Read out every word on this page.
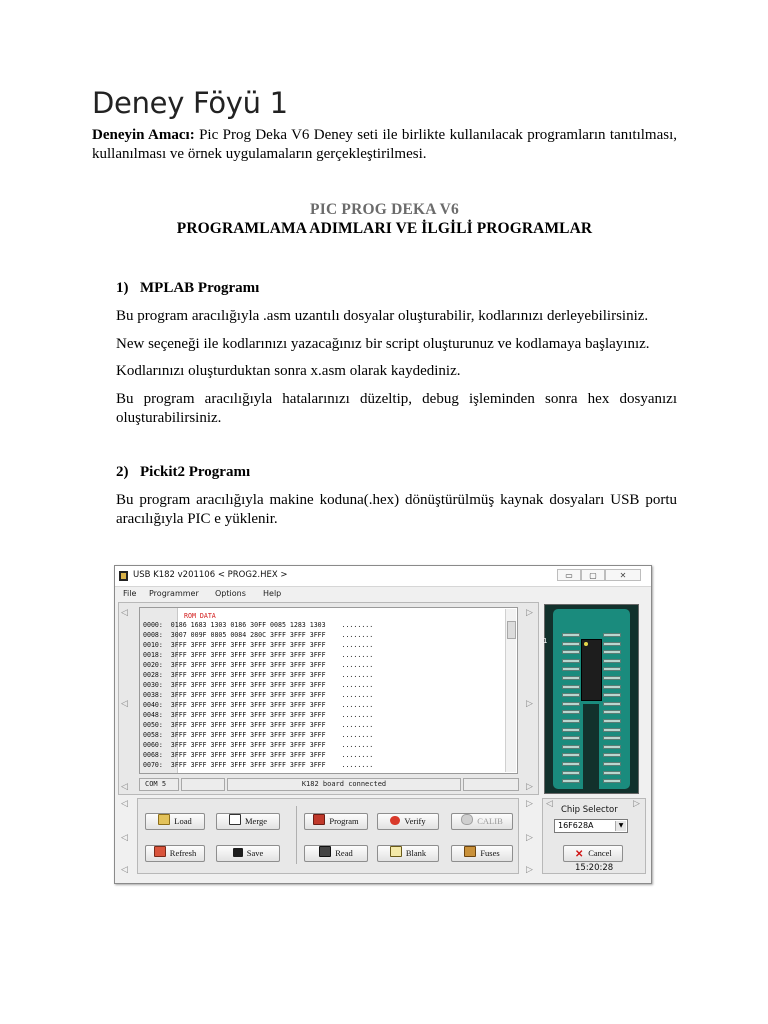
Deney Föyü 1

Deneyin Amacı: Pic Prog Deka V6 Deney seti ile birlikte kullanılacak programların tanıtılması, kullanılması ve örnek uygulamaların gerçekleştirilmesi.

PIC PROG DEKA V6

PROGRAMLAMA ADIMLARI VE İLGİLİ PROGRAMLAR

1) MPLAB Programı

Bu program aracılığıyla .asm uzantılı dosyalar oluşturabilir, kodlarınızı derleyebilirsiniz.

New seçeneği ile kodlarınızı yazacağınız bir script oluşturunuz ve kodlamaya başlayınız.

Kodlarınızı oluşturduktan sonra x.asm olarak kaydediniz.

Bu program aracılığıyla hatalarınızı düzeltip, debug işleminden sonra hex dosyanızı oluşturabilirsiniz.

2) Pickit2 Programı

Bu program aracılığıyla makine koduna(.hex) dönüştürülmüş kaynak dosyaları USB portu aracılığıyla PIC e yüklenir.

USB K182 v201106 < PROG2.HEX >	▭	▢	✕
File Programmer Options Help
◁
◁
◁
▷
▷
▷

ROM DATA

0000:  0186 1683 1303 0186 30FF 0085 1283 1303    ........

0008:  3007 009F 0805 0084 280C 3FFF 3FFF 3FFF    ........

0010:  3FFF 3FFF 3FFF 3FFF 3FFF 3FFF 3FFF 3FFF    ........

0018:  3FFF 3FFF 3FFF 3FFF 3FFF 3FFF 3FFF 3FFF    ........

0020:  3FFF 3FFF 3FFF 3FFF 3FFF 3FFF 3FFF 3FFF    ........

0028:  3FFF 3FFF 3FFF 3FFF 3FFF 3FFF 3FFF 3FFF    ........

0030:  3FFF 3FFF 3FFF 3FFF 3FFF 3FFF 3FFF 3FFF    ........

0038:  3FFF 3FFF 3FFF 3FFF 3FFF 3FFF 3FFF 3FFF    ........

0040:  3FFF 3FFF 3FFF 3FFF 3FFF 3FFF 3FFF 3FFF    ........

0048:  3FFF 3FFF 3FFF 3FFF 3FFF 3FFF 3FFF 3FFF    ........

0050:  3FFF 3FFF 3FFF 3FFF 3FFF 3FFF 3FFF 3FFF    ........

0058:  3FFF 3FFF 3FFF 3FFF 3FFF 3FFF 3FFF 3FFF    ........

0060:  3FFF 3FFF 3FFF 3FFF 3FFF 3FFF 3FFF 3FFF    ........

0068:  3FFF 3FFF 3FFF 3FFF 3FFF 3FFF 3FFF 3FFF    ........

0070:  3FFF 3FFF 3FFF 3FFF 3FFF 3FFF 3FFF 3FFF    ........

COM 5	K182 board connected
1
◁
◁
◁
▷
▷
▷
Load	Merge	Program	Verify	CALIB
Refresh	Save	Read	Blank	Fuses
◁	▷
Chip Selector
16F628A	▼
✕ Cancel
15:20:28
